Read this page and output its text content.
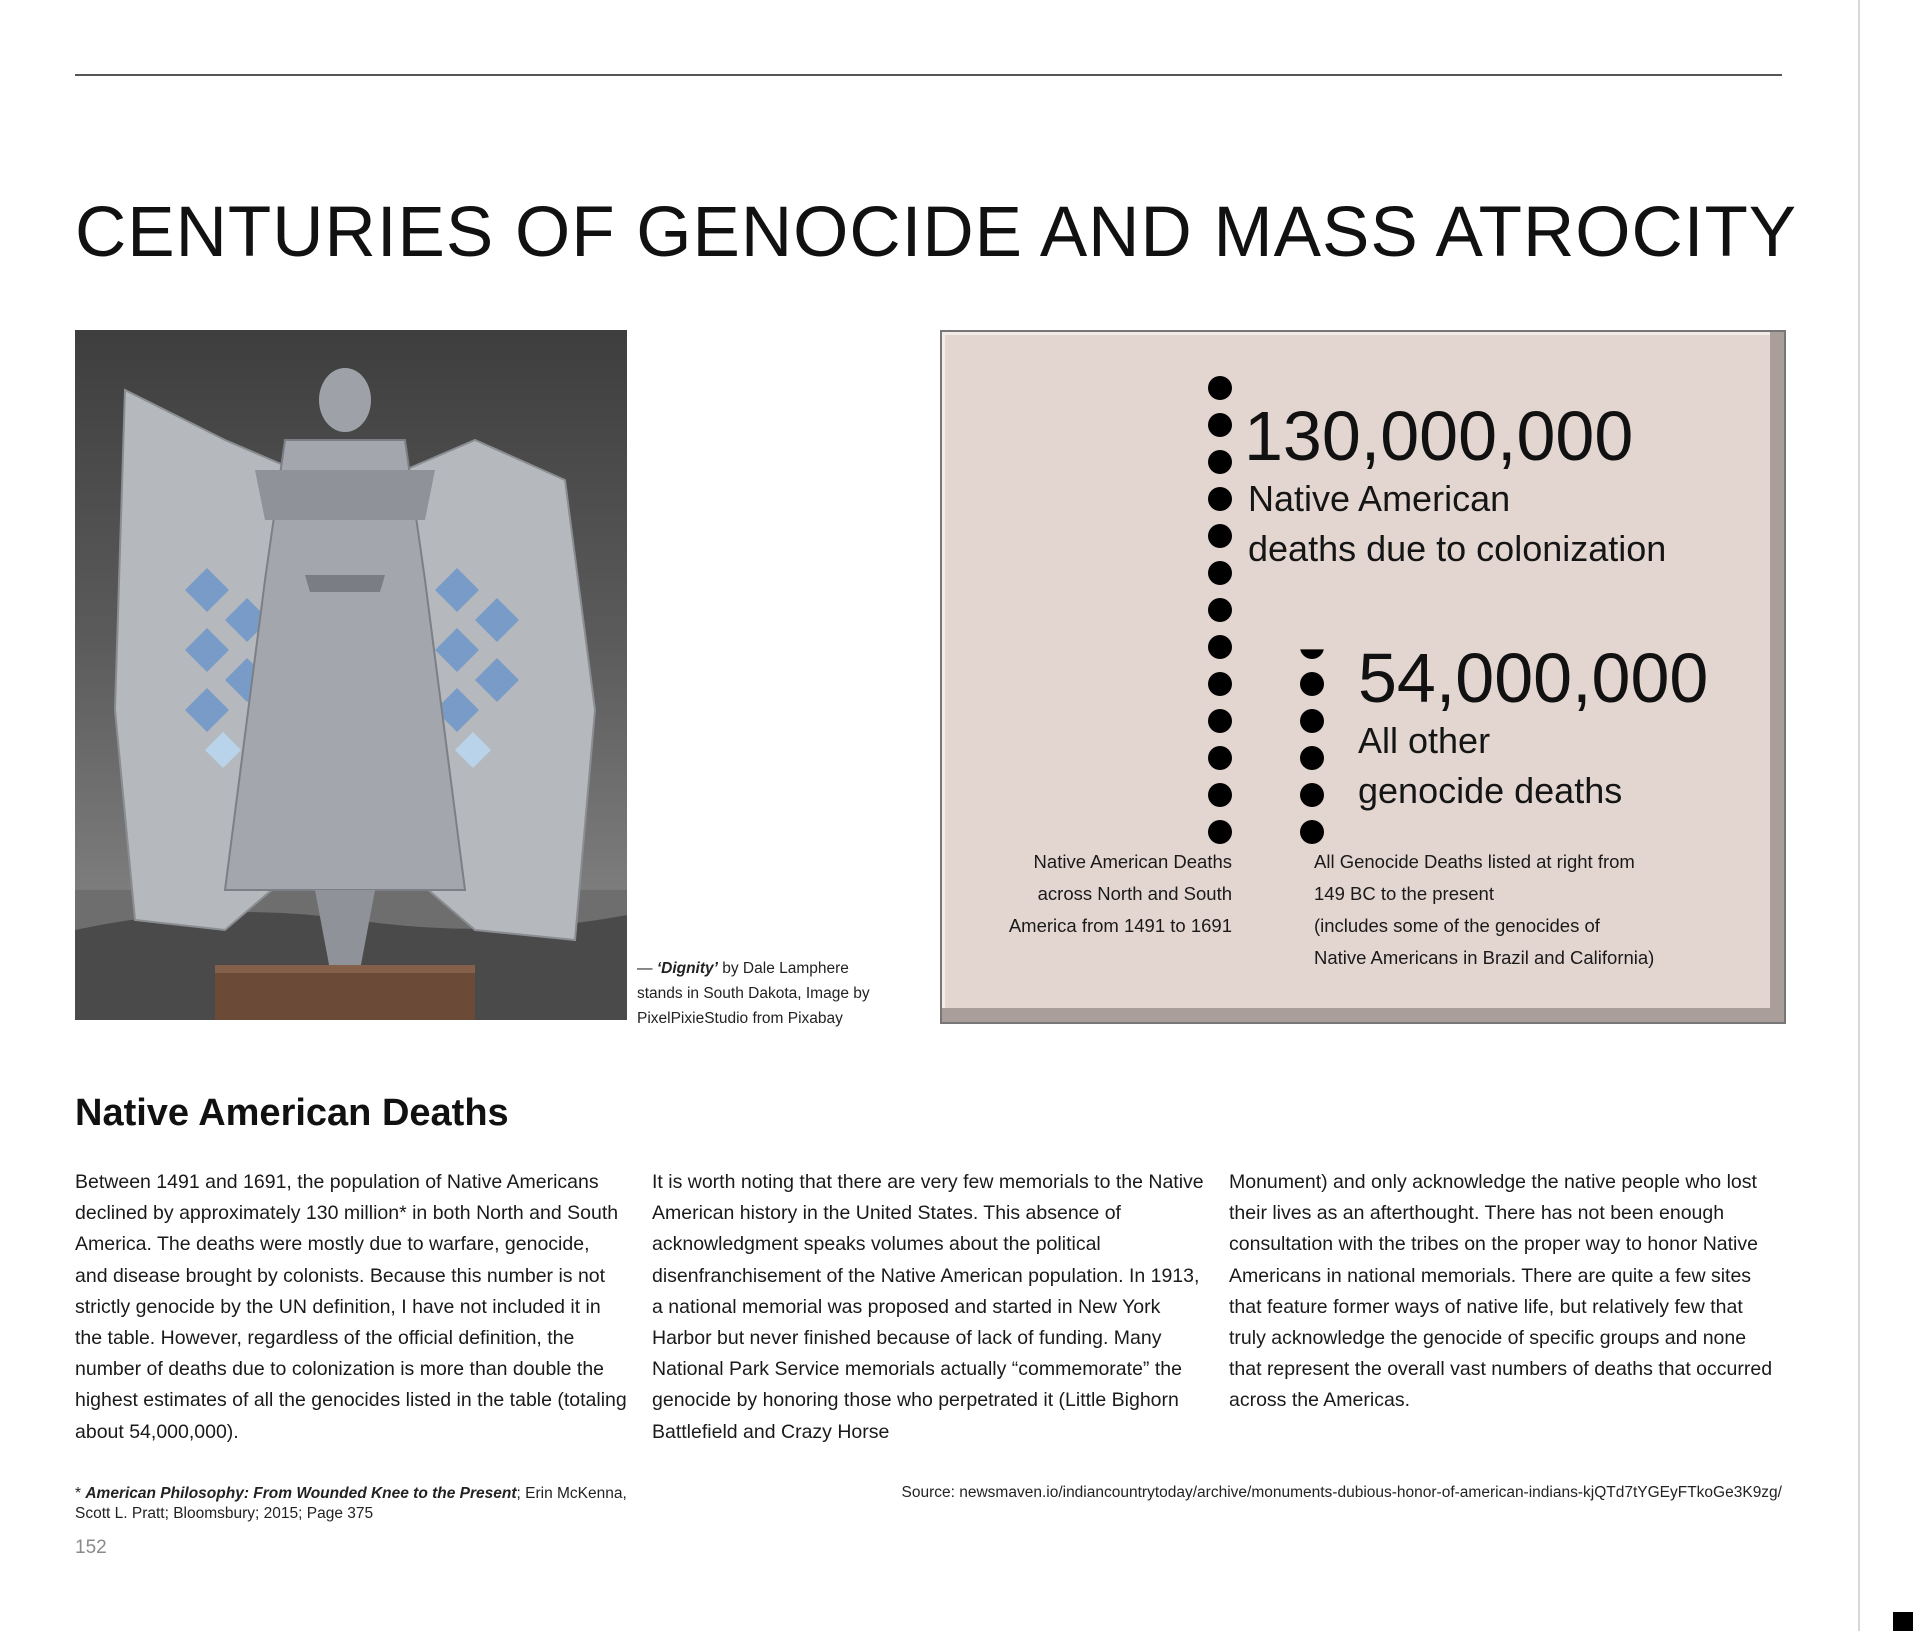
CENTURIES OF GENOCIDE AND MASS ATROCITY
— ‘Dignity’ by Dale Lamphere stands in South Dakota, Image by PixelPixieStudio from Pixabay
130,000,000
Native American
deaths due to colonization
54,000,000
All other
genocide deaths
Native American Deaths
across North and South
America from 1491 to 1691
All Genocide Deaths listed at right from
149 BC to the present
(includes some of the genocides of
Native Americans in Brazil and California)
Native American Deaths
Between 1491 and 1691, the population of Native Americans declined by approximately 130 million* in both North and South America. The deaths were mostly due to warfare, genocide, and disease brought by colonists. Because this number is not strictly genocide by the UN definition, I have not included it in the table. However, regardless of the official definition, the number of deaths due to colonization is more than double the highest estimates of all the genocides listed in the table (totaling about 54,000,000).
It is worth noting that there are very few memorials to the Native American history in the United States. This absence of acknowledgment speaks volumes about the political disenfranchisement of the Native American population. In 1913, a national memorial was proposed and started in New York Harbor but never finished because of lack of funding. Many National Park Service memorials actually “commemorate” the genocide by honoring those who perpetrated it (Little Bighorn Battlefield and Crazy Horse
Monument) and only acknowledge the native people who lost their lives as an afterthought. There has not been enough consultation with the tribes on the proper way to honor Native Americans in national memorials. There are quite a few sites that feature former ways of native life, but relatively few that truly acknowledge the genocide of specific groups and none that represent the overall vast numbers of deaths that occurred across the Americas.
* American Philosophy: From Wounded Knee to the Present; Erin McKenna, Scott L. Pratt; Bloomsbury; 2015; Page 375
Source: newsmaven.io/indiancountrytoday/archive/monuments-dubious-honor-of-american-indians-kjQTd7tYGEyFTkoGe3K9zg/
152
